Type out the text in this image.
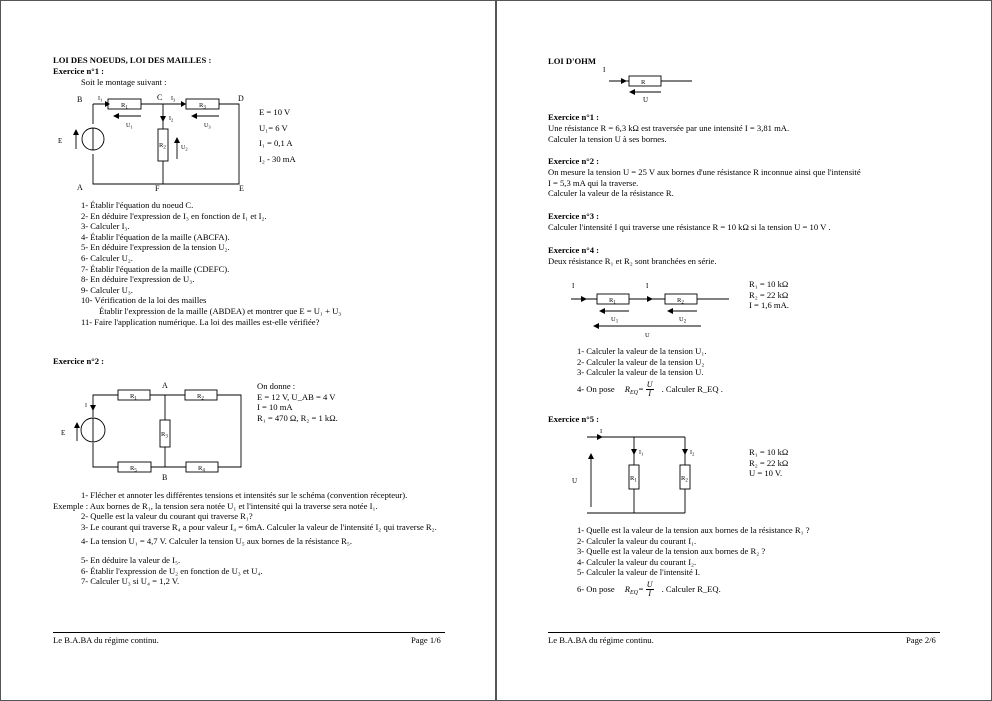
LOI DES NOEUDS, LOI DES MAILLES :
Exercice n°1 :
Soit le montage suivant :
$R_1$	$R_3$
$R_2$
E
B	C	D
A	F	E
$I_1$	$I_3$
$I_2$
$U_1$	$U_3$
$U_2$
E = 10 V
U₁= 6 V
I₁ = 0,1 A
I₂ - 30 mA
1- Établir l'équation du noeud C.
2- En déduire l'expression de I₃ en fonction de I₁ et I₂.
3- Calculer I₃.
4- Établir l'équation de la maille (ABCFA).
5- En déduire l'expression de la tension U₂.
6- Calculer U₂.
7- Établir l'équation de la maille (CDEFC).
8- En déduire l'expression de U₃.
9- Calculer U₃.
10- Vérification de la loi des mailles
Établir l'expression de la maille (ABDEA) et montrer que E = U₁ + U₃
11- Faire l'application numérique. La loi des mailles est-elle vérifiée?
Exercice n°2 :
$R_1$	$R_2$
$R_3$
$R_5$	$R_4$
E
I
A
B
On donne :
E = 12 V, U_AB = 4 V
I = 10 mA
R₁ = 470 Ω, R₂ = 1 kΩ.
1- Flécher et annoter les différentes tensions et intensités sur le schéma (convention récepteur).
Exemple : Aux bornes de R₁, la tension sera notée U₁ et l'intensité qui la traverse sera notée I₁.
2- Quelle est la valeur du courant qui traverse R₁?
3- Le courant qui traverse R₄ a pour valeur I₄ = 6mA. Calculer la valeur de l'intensité I₂ qui traverse R₂.
4- La tension U₁ = 4,7 V. Calculer la tension U₅ aux bornes de la résistance R₅.
5- En déduire la valeur de I₅.
6- Établir l'expression de U₂ en fonction de U₃ et U₄.
7- Calculer U₃ si U₄ = 1,2 V.
Le B.A.BA du régime continu.	Page 1/6
LOI D'OHM
R
I
U
Exercice n°1 :
Une résistance R = 6,3 kΩ est traversée par une intensité I = 3,81 mA.
Calculer la tension U à ses bornes.
Exercice n°2 :
On mesure la tension U = 25 V aux bornes d'une résistance R inconnue ainsi que l'intensité
I = 5,3 mA qui la traverse.
Calculer la valeur de la résistance R.
Exercice n°3 :
Calculer l'intensité I qui traverse une résistance R = 10 kΩ si la tension U = 10 V .
Exercice n°4 :
Deux résistance R₁ et R₂ sont branchées en série.
$R_1$	$R_2$
I	I
$U_1$	$U_2$
U
R₁ = 10 kΩ
R₂ = 22 kΩ
I = 1,6 mA.
1- Calculer la valeur de la tension U₁.
2- Calculer la valeur de la tension U₂
3- Calculer la valeur de la tension U.
4- On pose $R_{EQ}= \frac{U}{I}$ . Calculer R_EQ .
Exercice n°5 :
$R_1$	$R_2$
I
$I_1$	$I_2$
U
R₁ = 10 kΩ
R₂ = 22 kΩ
U = 10 V.
1- Quelle est la valeur de la tension aux bornes de la résistance R₁ ?
2- Calculer la valeur du courant I₁.
3- Quelle est la valeur de la tension aux bornes de R₂ ?
4- Calculer la valeur du courant I₂.
5- Calculer la valeur de l'intensité I.
6- On pose $R_{EQ}= \frac{U}{I}$ . Calculer R_EQ.
Le B.A.BA du régime continu.	Page 2/6
